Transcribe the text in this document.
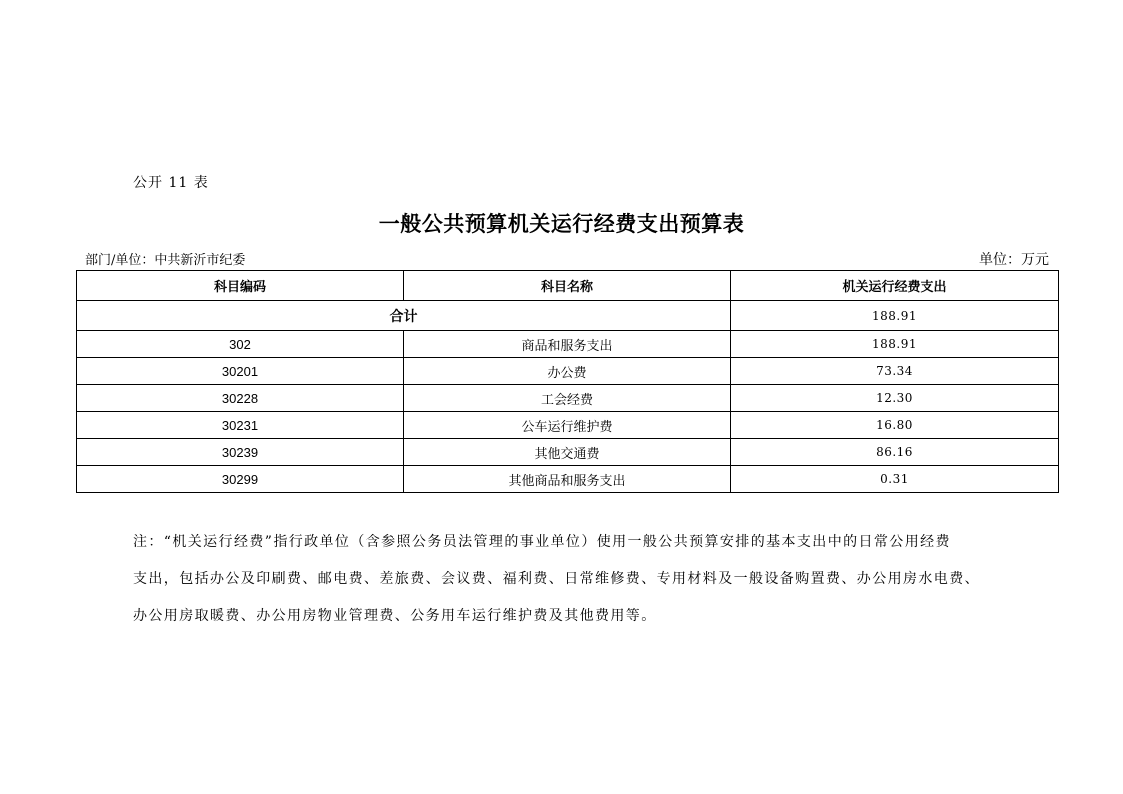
公开 11 表
一般公共预算机关运行经费支出预算表
部门/单位：中共新沂市纪委	单位：万元
科目编码	科目名称	机关运行经费支出
合计		188.91
302	商品和服务支出	188.91
30201	办公费	73.34
30228	工会经费	12.30
30231	公车运行维护费	16.80
30239	其他交通费	86.16
30299	其他商品和服务支出	0.31

注：“机关运行经费”指行政单位（含参照公务员法管理的事业单位）使用一般公共预算安排的基本支出中的日常公用经费

支出，包括办公及印刷费、邮电费、差旅费、会议费、福利费、日常维修费、专用材料及一般设备购置费、办公用房水电费、

办公用房取暖费、办公用房物业管理费、公务用车运行维护费及其他费用等。
